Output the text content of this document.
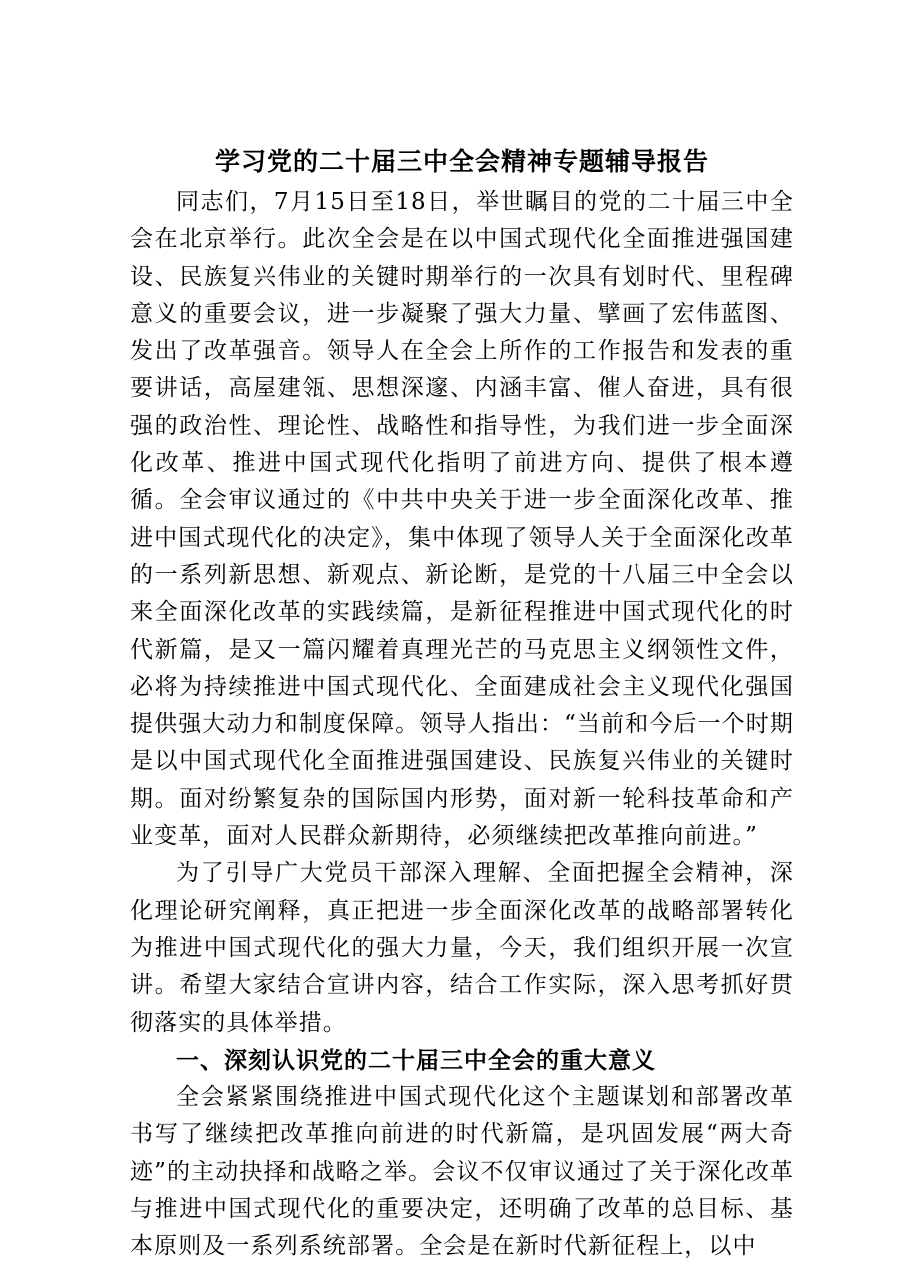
学习党的二十届三中全会精神专题辅导报告

同志们，7月15日至18日，举世瞩目的党的二十届三中全会在北京举行。此次全会是在以中国式现代化全面推进强国建设、民族复兴伟业的关键时期举行的一次具有划时代、里程碑意义的重要会议，进一步凝聚了强大力量、擘画了宏伟蓝图、发出了改革强音。领导人在全会上所作的工作报告和发表的重要讲话，高屋建瓴、思想深邃、内涵丰富、催人奋进，具有很强的政治性、理论性、战略性和指导性，为我们进一步全面深化改革、推进中国式现代化指明了前进方向、提供了根本遵循。全会审议通过的《中共中央关于进一步全面深化改革、推进中国式现代化的决定》，集中体现了领导人关于全面深化改革的一系列新思想、新观点、新论断，是党的十八届三中全会以来全面深化改革的实践续篇，是新征程推进中国式现代化的时代新篇，是又一篇闪耀着真理光芒的马克思主义纲领性文件，必将为持续推进中国式现代化、全面建成社会主义现代化强国提供强大动力和制度保障。领导人指出：“当前和今后一个时期是以中国式现代化全面推进强国建设、民族复兴伟业的关键时期。面对纷繁复杂的国际国内形势，面对新一轮科技革命和产业变革，面对人民群众新期待，必须继续把改革推向前进。”

为了引导广大党员干部深入理解、全面把握全会精神，深化理论研究阐释，真正把进一步全面深化改革的战略部署转化为推进中国式现代化的强大力量，今天，我们组织开展一次宣讲。希望大家结合宣讲内容，结合工作实际，深入思考抓好贯彻落实的具体举措。

一、深刻认识党的二十届三中全会的重大意义

全会紧紧围绕推进中国式现代化这个主题谋划和部署改革书写了继续把改革推向前进的时代新篇，是巩固发展“两大奇迹”的主动抉择和战略之举。会议不仅审议通过了关于深化改革与推进中国式现代化的重要决定，还明确了改革的总目标、基本原则及一系列系统部署。全会是在新时代新征程上，以中
